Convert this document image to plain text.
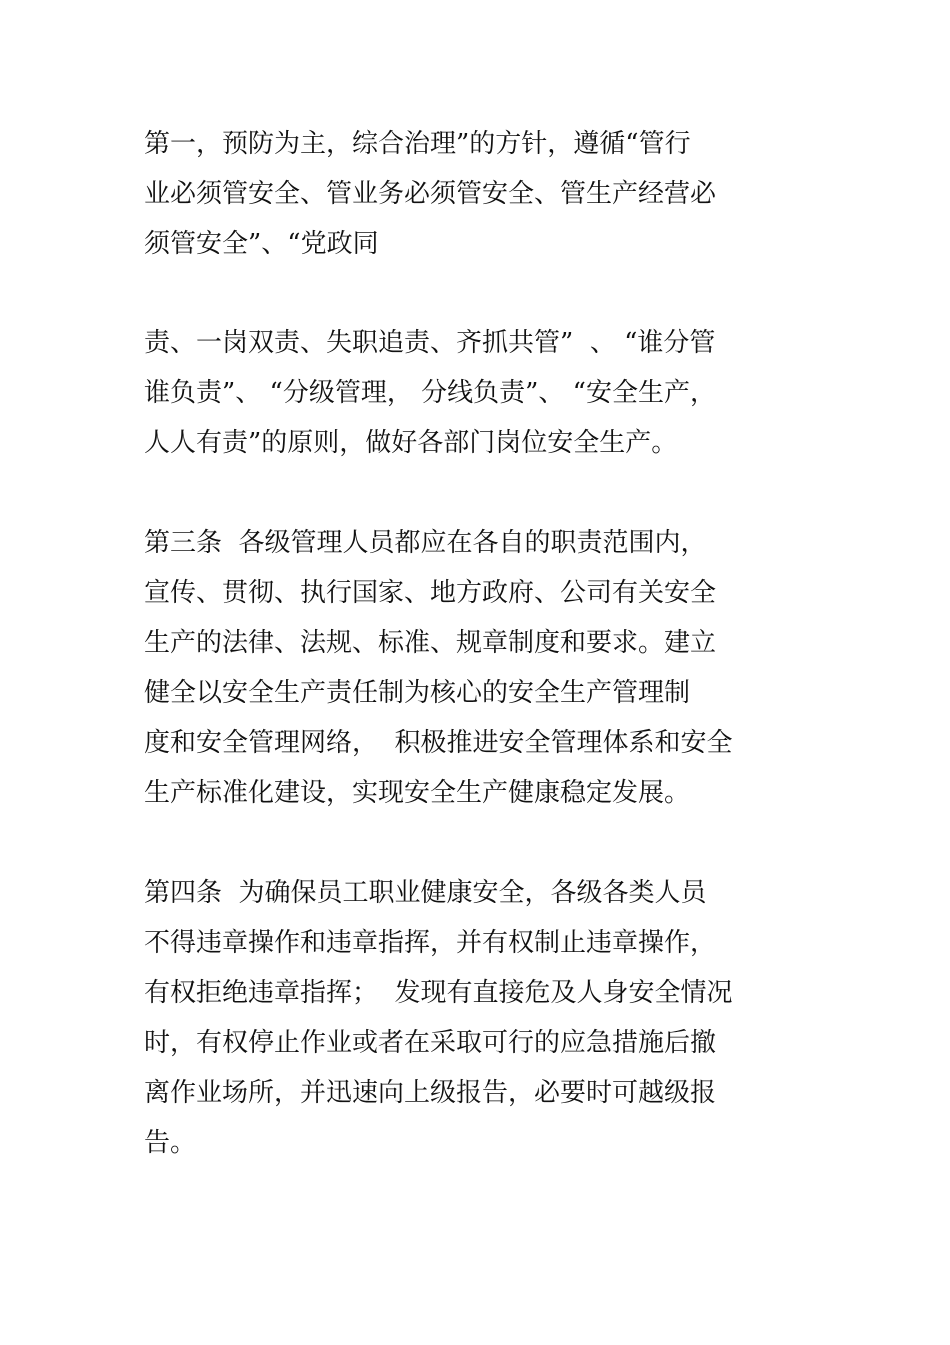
第一，预防为主，综合治理”的方针，遵循“管行
业必须管安全、管业务必须管安全、管生产经营必
须管安全”、“党政同
责、一岗双责、失职追责、齐抓共管”  、 “谁分管
谁负责”、 “分级管理， 分线负责”、 “安全生产，
人人有责”的原则，做好各部门岗位安全生产。
第三条  各级管理人员都应在各自的职责范围内，
宣传、贯彻、执行国家、地方政府、公司有关安全
生产的法律、法规、标准、规章制度和要求。建立
健全以安全生产责任制为核心的安全生产管理制
度和安全管理网络，  积极推进安全管理体系和安全
生产标准化建设，实现安全生产健康稳定发展。
第四条  为确保员工职业健康安全，各级各类人员
不得违章操作和违章指挥，并有权制止违章操作，
有权拒绝违章指挥；  发现有直接危及人身安全情况
时，有权停止作业或者在采取可行的应急措施后撤
离作业场所，并迅速向上级报告，必要时可越级报
告。
